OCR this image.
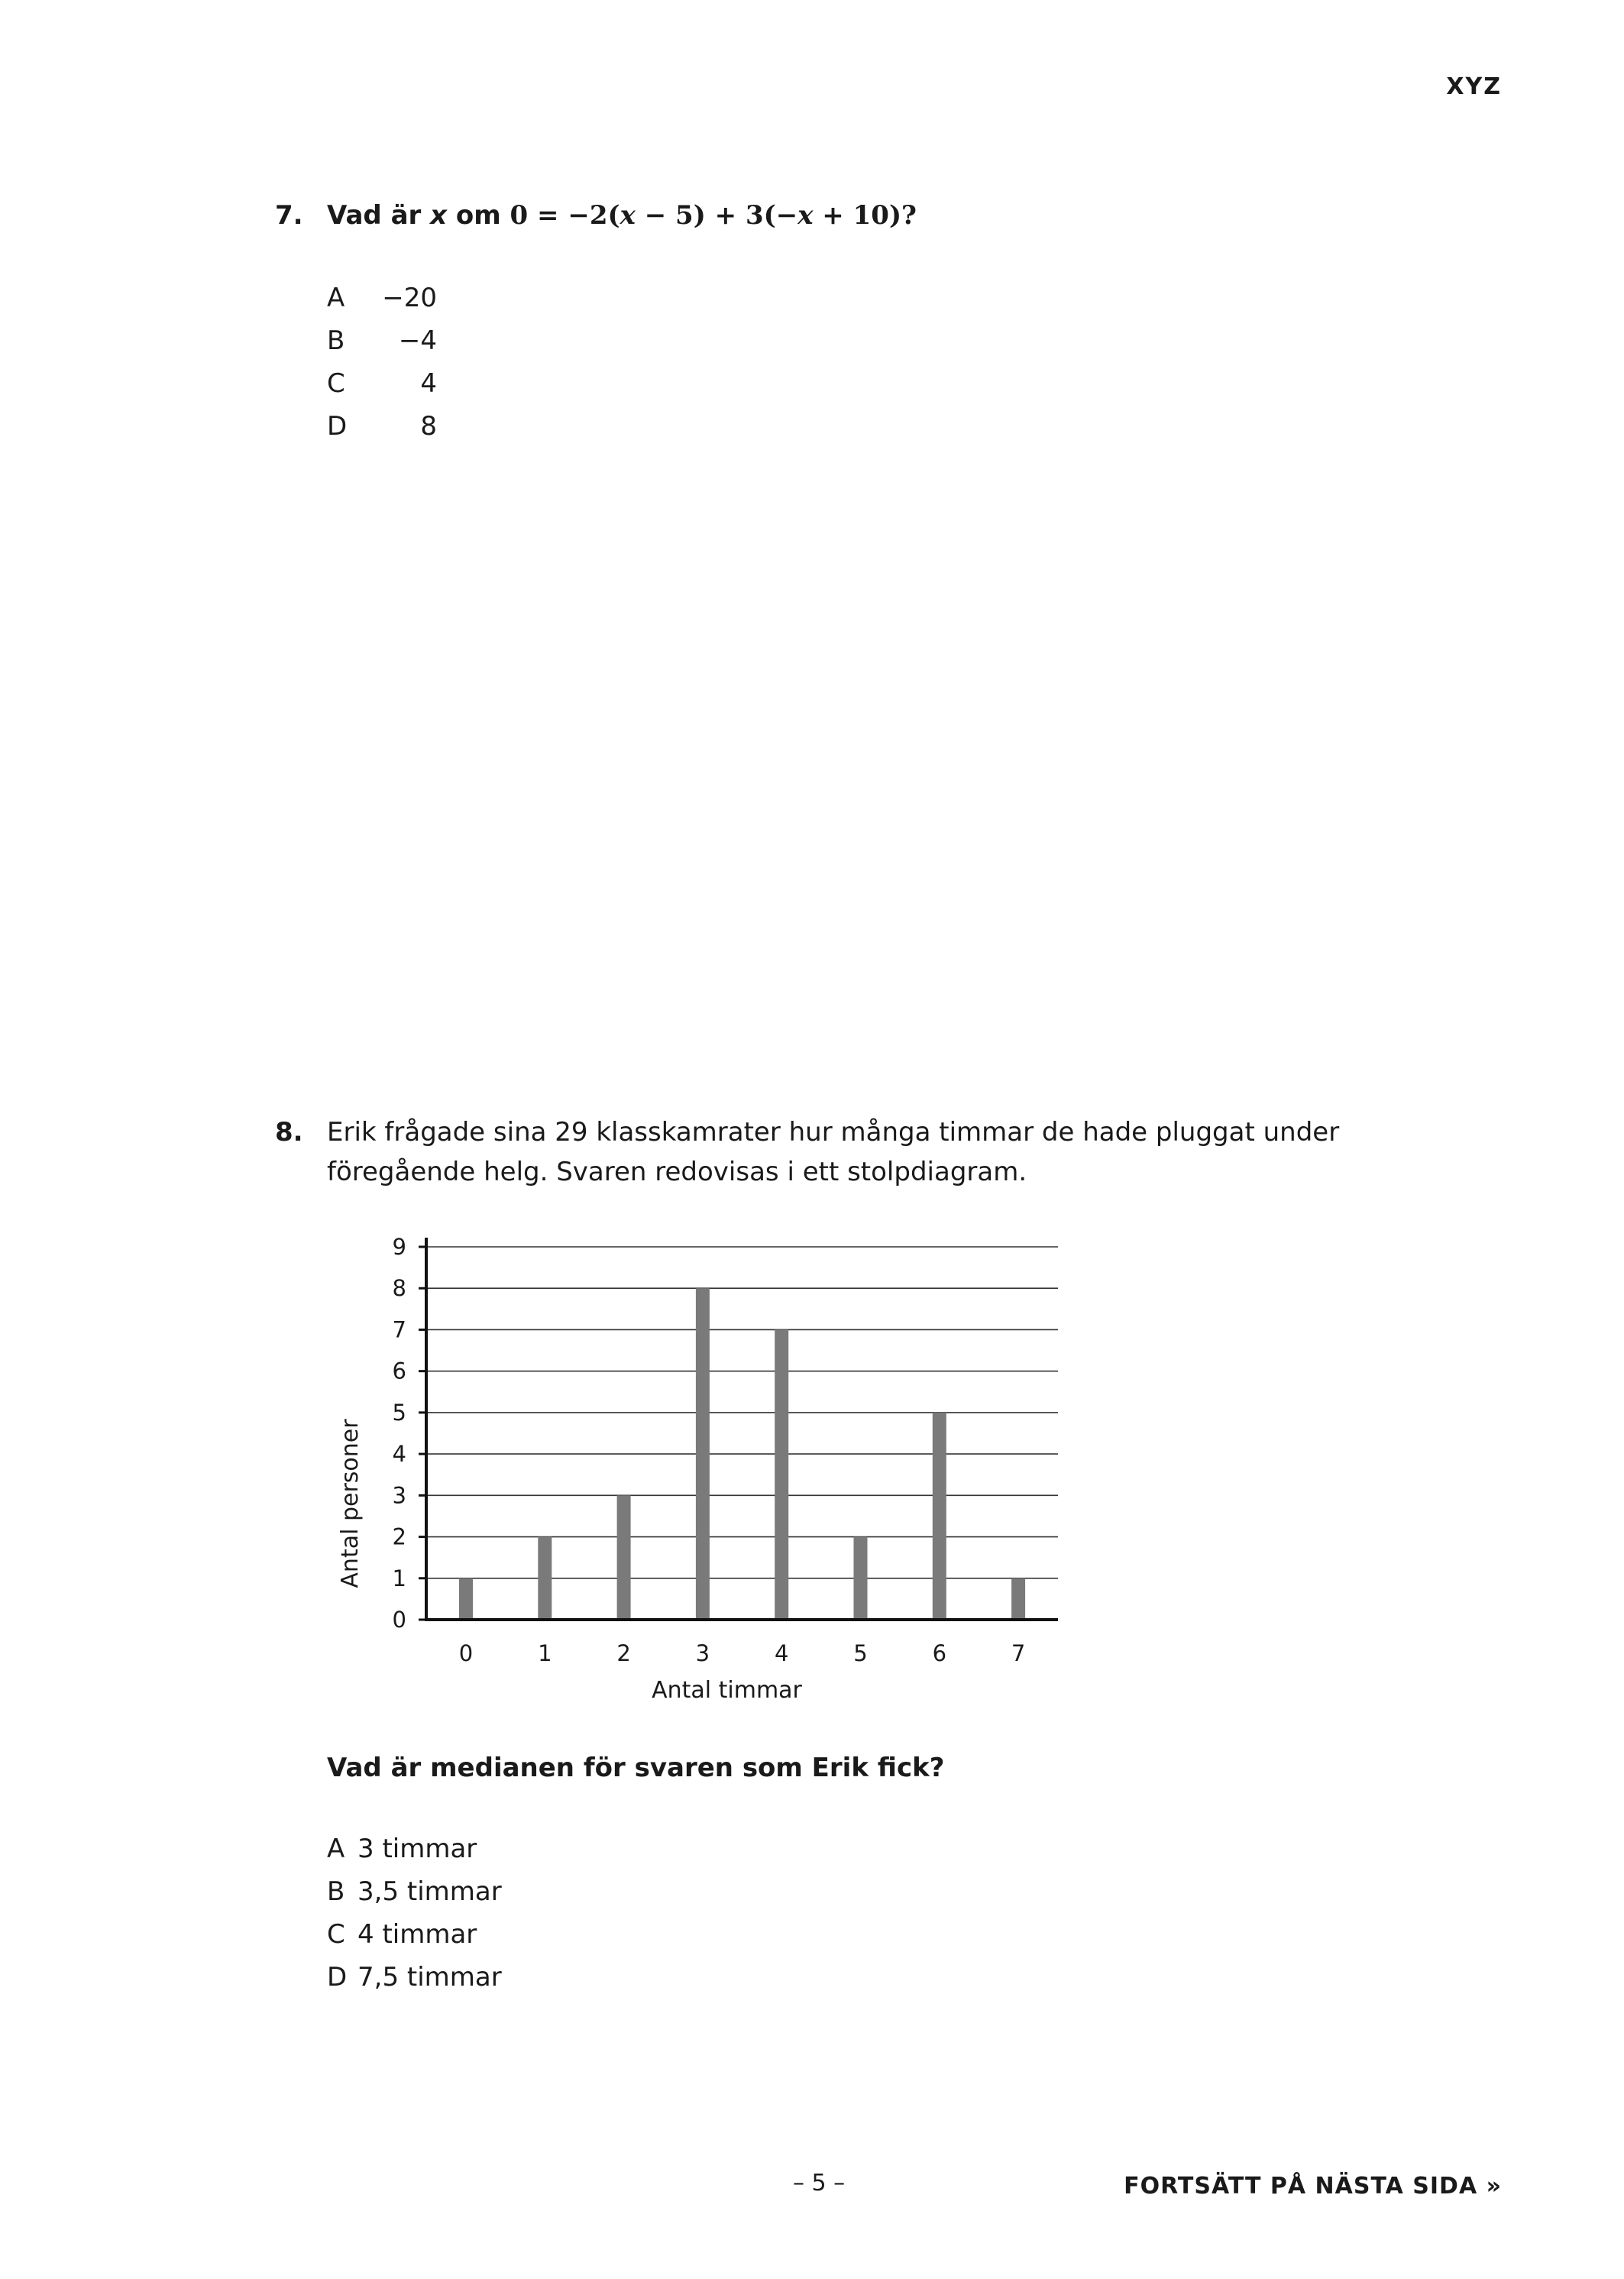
XYZ
7. Vad är x om 0 = −2(x − 5) + 3(−x + 10)?
A	−20
B	−4
C	4
D	8
8. Erik frågade sina 29 klasskamrater hur många timmar de hade pluggat under
föregående helg. Svaren redovisas i ett stolpdiagram.
0
1
2
3
4
5
6
7
8
9
0	1	2	3	4	5	6	7
Antal timmar
Antal personer
Vad är medianen för svaren som Erik fick?
A 3 timmar
B 3,5 timmar
C 4 timmar
D 7,5 timmar
– 5 –	FORTSÄTT PÅ NÄSTA SIDA »
